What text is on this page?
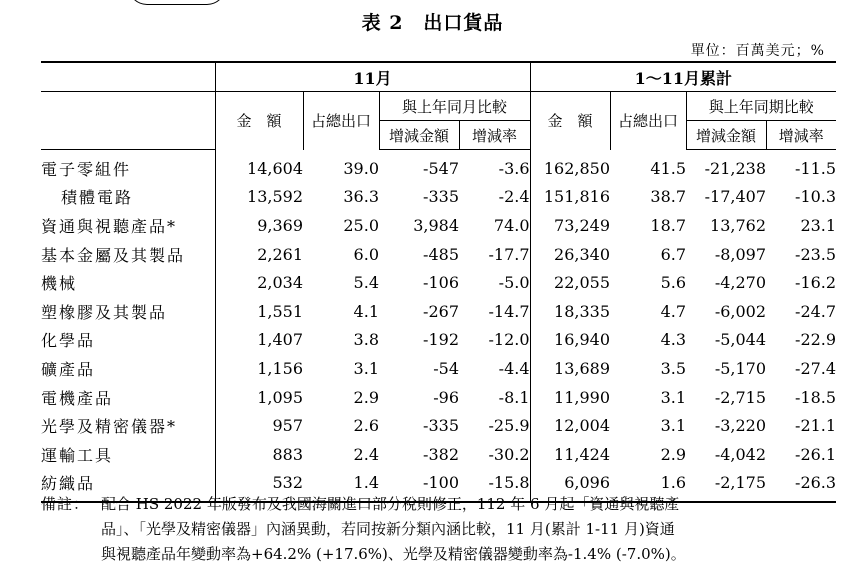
表 2　出口貨品
單位：百萬美元；%
	11月				1～11月累計			
	金　額	占總出口	與上年同月比較		金　額	占總出口	與上年同期比較	
			增減金額	增減率			增減金額	增減率
電子零組件	14,604	39.0	-547	-3.6	162,850	41.5	-21,238	-11.5
積體電路	13,592	36.3	-335	-2.4	151,816	38.7	-17,407	-10.3
資通與視聽產品*	9,369	25.0	3,984	74.0	73,249	18.7	13,762	23.1
基本金屬及其製品	2,261	6.0	-485	-17.7	26,340	6.7	-8,097	-23.5
機械	2,034	5.4	-106	-5.0	22,055	5.6	-4,270	-16.2
塑橡膠及其製品	1,551	4.1	-267	-14.7	18,335	4.7	-6,002	-24.7
化學品	1,407	3.8	-192	-12.0	16,940	4.3	-5,044	-22.9
礦產品	1,156	3.1	-54	-4.4	13,689	3.5	-5,170	-27.4
電機產品	1,095	2.9	-96	-8.1	11,990	3.1	-2,715	-18.5
光學及精密儀器*	957	2.6	-335	-25.9	12,004	3.1	-3,220	-21.1
運輸工具	883	2.4	-382	-30.2	11,424	2.9	-4,042	-26.1
紡織品	532	1.4	-100	-15.8	6,096	1.6	-2,175	-26.3
備註： 配合 HS 2022 年版發布及我國海關進口部分稅則修正，112 年 6 月起「資通與視聽產
品」、「光學及精密儀器」內涵異動，若同按新分類內涵比較，11 月(累計 1-11 月)資通
與視聽產品年變動率為+64.2% (+17.6%)、光學及精密儀器變動率為-1.4% (-7.0%)。
